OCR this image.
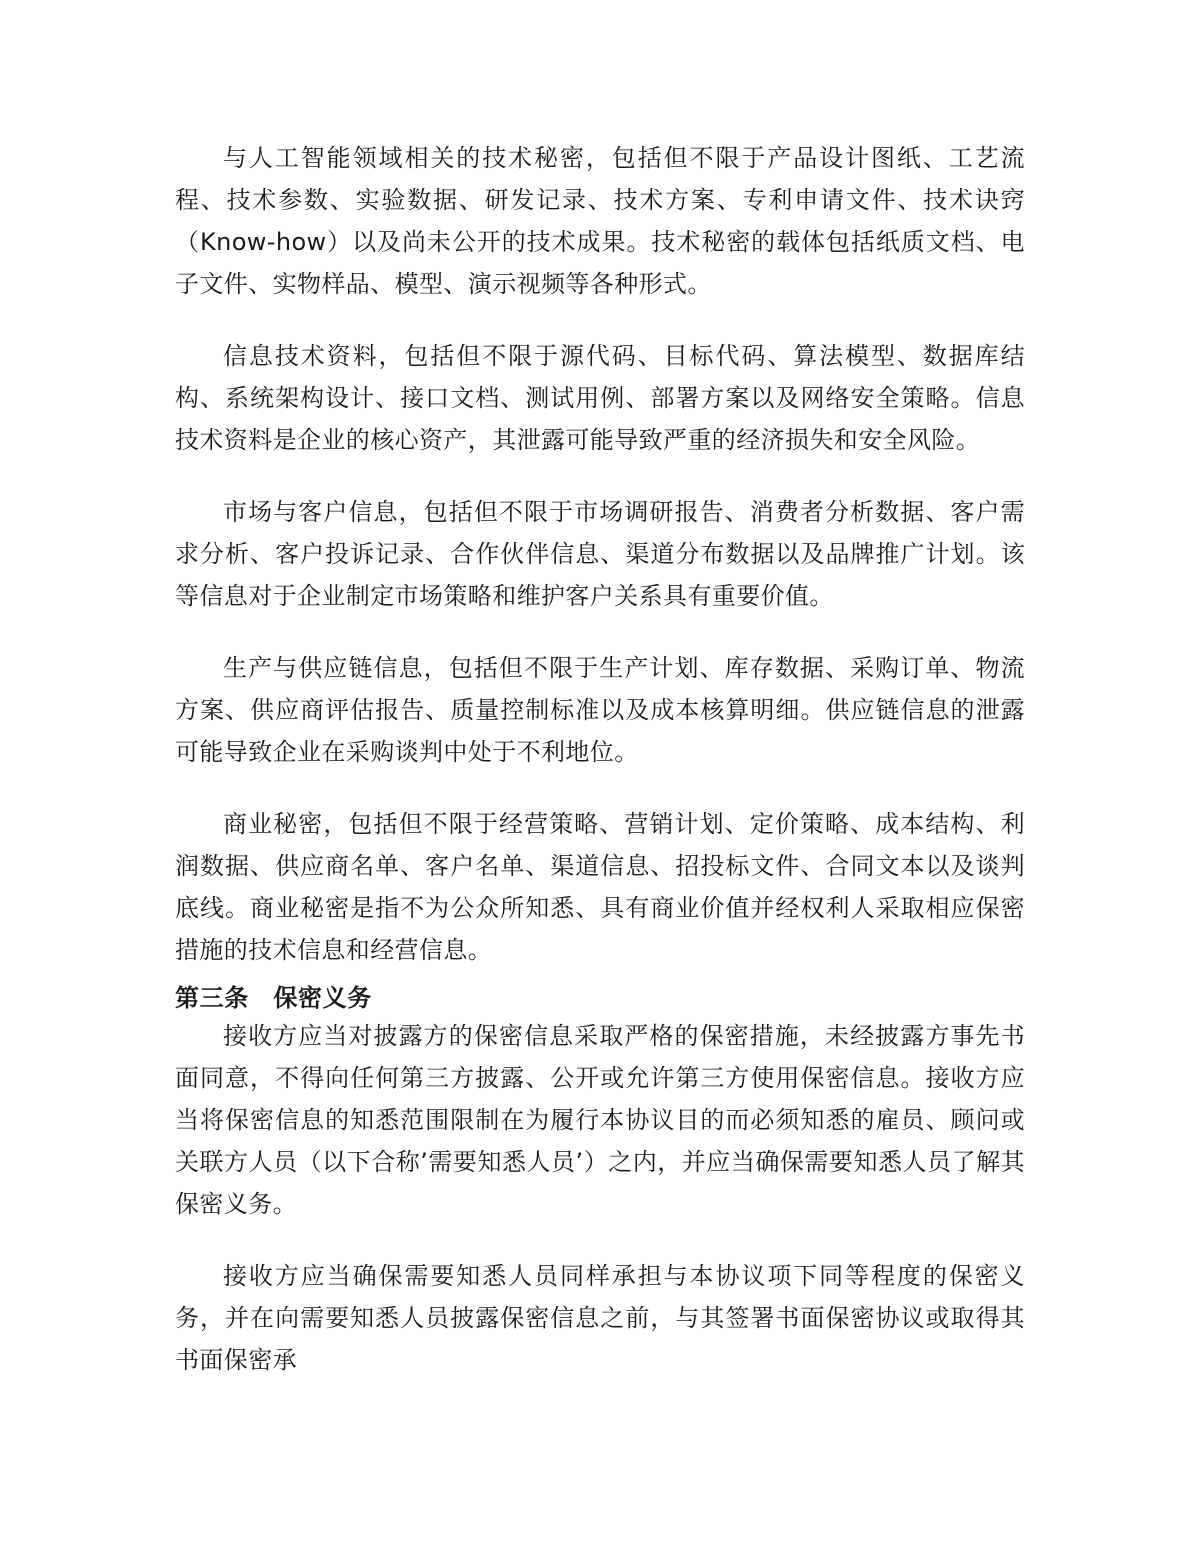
与人工智能领域相关的技术秘密，包括但不限于产品设计图纸、工艺流程、技术参数、实验数据、研发记录、技术方案、专利申请文件、技术诀窍（Know-how）以及尚未公开的技术成果。技术秘密的载体包括纸质文档、电子文件、实物样品、模型、演示视频等各种形式。

信息技术资料，包括但不限于源代码、目标代码、算法模型、数据库结构、系统架构设计、接口文档、测试用例、部署方案以及网络安全策略。信息技术资料是企业的核心资产，其泄露可能导致严重的经济损失和安全风险。

市场与客户信息，包括但不限于市场调研报告、消费者分析数据、客户需求分析、客户投诉记录、合作伙伴信息、渠道分布数据以及品牌推广计划。该等信息对于企业制定市场策略和维护客户关系具有重要价值。

生产与供应链信息，包括但不限于生产计划、库存数据、采购订单、物流方案、供应商评估报告、质量控制标准以及成本核算明细。供应链信息的泄露可能导致企业在采购谈判中处于不利地位。

商业秘密，包括但不限于经营策略、营销计划、定价策略、成本结构、利润数据、供应商名单、客户名单、渠道信息、招投标文件、合同文本以及谈判底线。商业秘密是指不为公众所知悉、具有商业价值并经权利人采取相应保密措施的技术信息和经营信息。

第三条　保密义务

接收方应当对披露方的保密信息采取严格的保密措施，未经披露方事先书面同意，不得向任何第三方披露、公开或允许第三方使用保密信息。接收方应当将保密信息的知悉范围限制在为履行本协议目的而必须知悉的雇员、顾问或关联方人员（以下合称’需要知悉人员’）之内，并应当确保需要知悉人员了解其保密义务。

接收方应当确保需要知悉人员同样承担与本协议项下同等程度的保密义务，并在向需要知悉人员披露保密信息之前，与其签署书面保密协议或取得其书面保密承
